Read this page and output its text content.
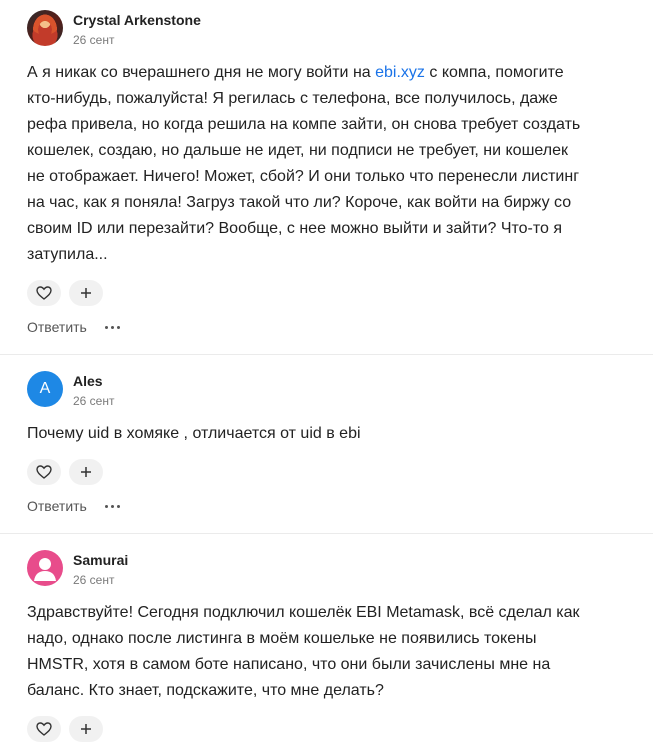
Crystal Arkenstone
26 сент
А я никак со вчерашнего дня не могу войти на ebi.xyz с компа, помогите кто-нибудь, пожалуйста! Я регилась с телефона, все получилось, даже рефа привела, но когда решила на компе зайти, он снова требует создать кошелек, создаю, но дальше не идет, ни подписи не требует, ни кошелек не отображает. Ничего! Может, сбой? И они только что перенесли листинг на час, как я поняла! Загруз такой что ли? Короче, как войти на биржу со своим ID или перезайти? Вообще, с нее можно выйти и зайти? Что-то я затупила...
Ответить
A	Ales
26 сент
Почему uid в хомяке , отличается от uid в ebi
Ответить
Samurai
26 сент
Здравствуйте! Сегодня подключил кошелёк EBI Metamask, всё сделал как надо, однако после листинга в моём кошельке не появились токены HMSTR, хотя в самом боте написано, что они были зачислены мне на баланс. Кто знает, подскажите, что мне делать?
